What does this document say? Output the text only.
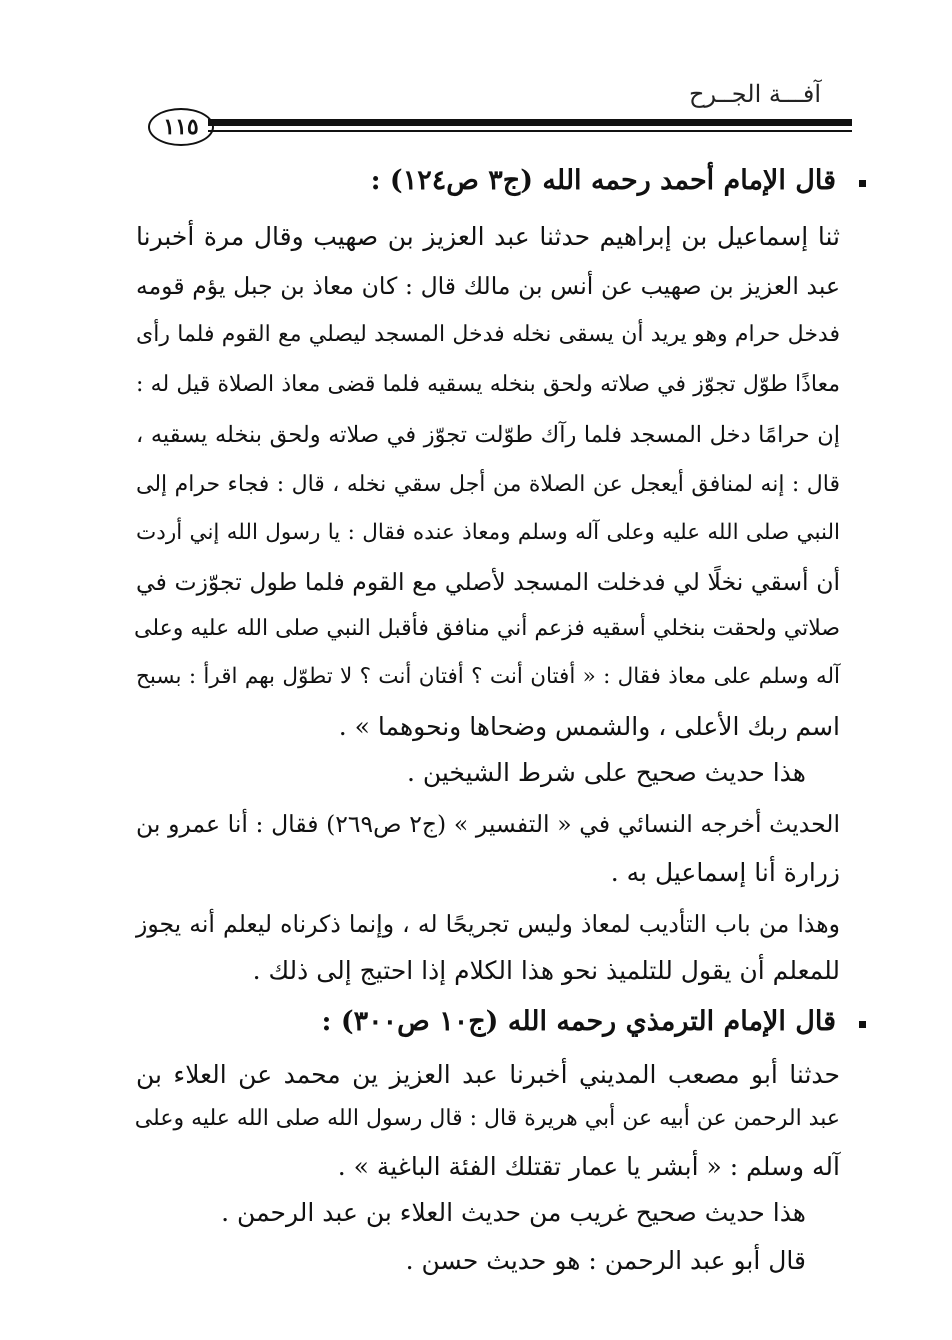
آفـــة الجــرح
١١٥
قال الإمام أحمد رحمه الله (ج٣ ص١٢٤) :
ثنا إسماعيل بن إبراهيم حدثنا عبد العزيز بن صهيب وقال مرة أخبرنا
عبد العزيز بن صهيب عن أنس بن مالك قال : كان معاذ بن جبل يؤم قومه
فدخل حرام وهو يريد أن يسقى نخله فدخل المسجد ليصلي مع القوم فلما رأى
معاذًا طوّل تجوّز في صلاته ولحق بنخله يسقيه فلما قضى معاذ الصلاة قيل له :
إن حرامًا دخل المسجد فلما رآك طوّلت تجوّز في صلاته ولحق بنخله يسقيه ،
قال : إنه لمنافق أيعجل عن الصلاة من أجل سقي نخله ، قال : فجاء حرام إلى
النبي صلى الله عليه وعلى آله وسلم ومعاذ عنده فقال : يا رسول الله إني أردت
أن أسقي نخلًا لي فدخلت المسجد لأصلي مع القوم فلما طول تجوّزت في
صلاتي ولحقت بنخلي أسقيه فزعم أني منافق فأقبل النبي صلى الله عليه وعلى
آله وسلم على معاذ فقال : « أفتان أنت ؟ أفتان أنت ؟ لا تطوّل بهم اقرأ : بسبح
اسم ربك الأعلى ، والشمس وضحاها ونحوهما » .
هذا حديث صحيح على شرط الشيخين .
الحديث أخرجه النسائي في « التفسير » (ج٢ ص٢٦٩) فقال : أنا عمرو بن
زرارة أنا إسماعيل به .
وهذا من باب التأديب لمعاذ وليس تجريحًا له ، وإنما ذكرناه ليعلم أنه يجوز
للمعلم أن يقول للتلميذ نحو هذا الكلام إذا احتيج إلى ذلك .
قال الإمام الترمذي رحمه الله (ج١٠ ص٣٠٠) :
حدثنا أبو مصعب المديني أخبرنا عبد العزيز ين محمد عن العلاء بن
عبد الرحمن عن أبيه عن أبي هريرة قال : قال رسول الله صلى الله عليه وعلى
آله وسلم : « أبشر يا عمار تقتلك الفئة الباغية » .
هذا حديث صحيح غريب من حديث العلاء بن عبد الرحمن .
قال أبو عبد الرحمن : هو حديث حسن .
